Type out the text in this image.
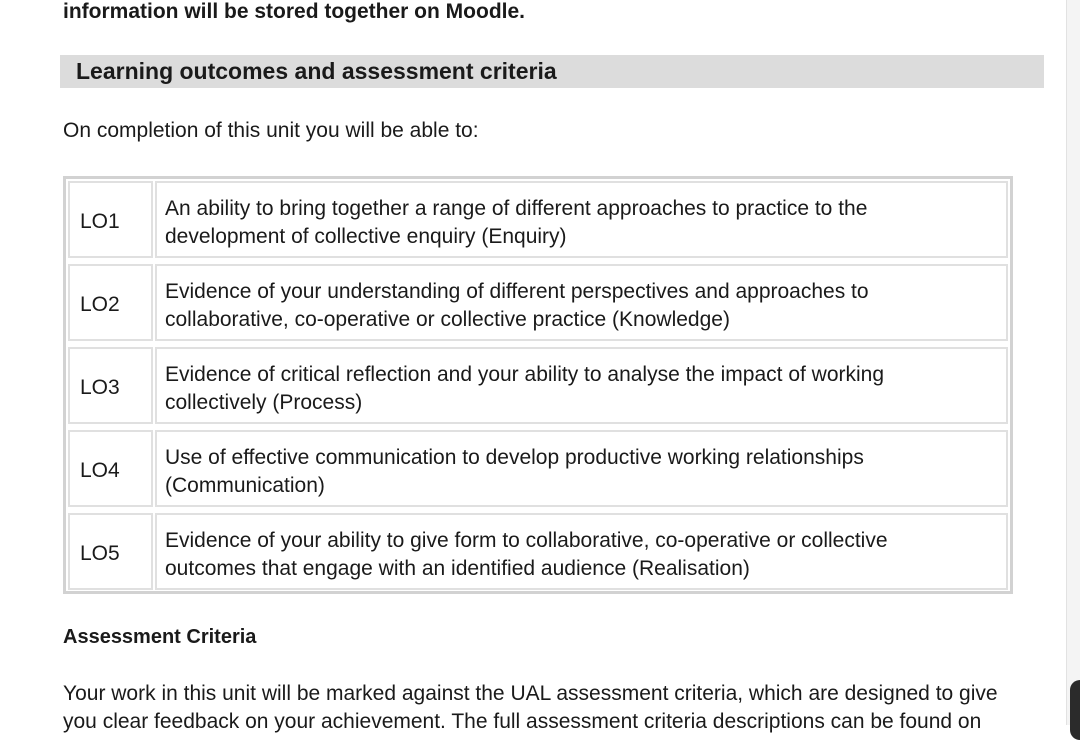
information will be stored together on Moodle.
Learning outcomes and assessment criteria
On completion of this unit you will be able to:
LO1
An ability to bring together a range of different approaches to practice to the
development of collective enquiry (Enquiry)
LO2
Evidence of your understanding of different perspectives and approaches to
collaborative, co-operative or collective practice (Knowledge)
LO3
Evidence of critical reflection and your ability to analyse the impact of working
collectively (Process)
LO4
Use of effective communication to develop productive working relationships
(Communication)
LO5
Evidence of your ability to give form to collaborative, co-operative or collective
outcomes that engage with an identified audience (Realisation)
Assessment Criteria
Your work in this unit will be marked against the UAL assessment criteria, which are designed to give
you clear feedback on your achievement. The full assessment criteria descriptions can be found on
